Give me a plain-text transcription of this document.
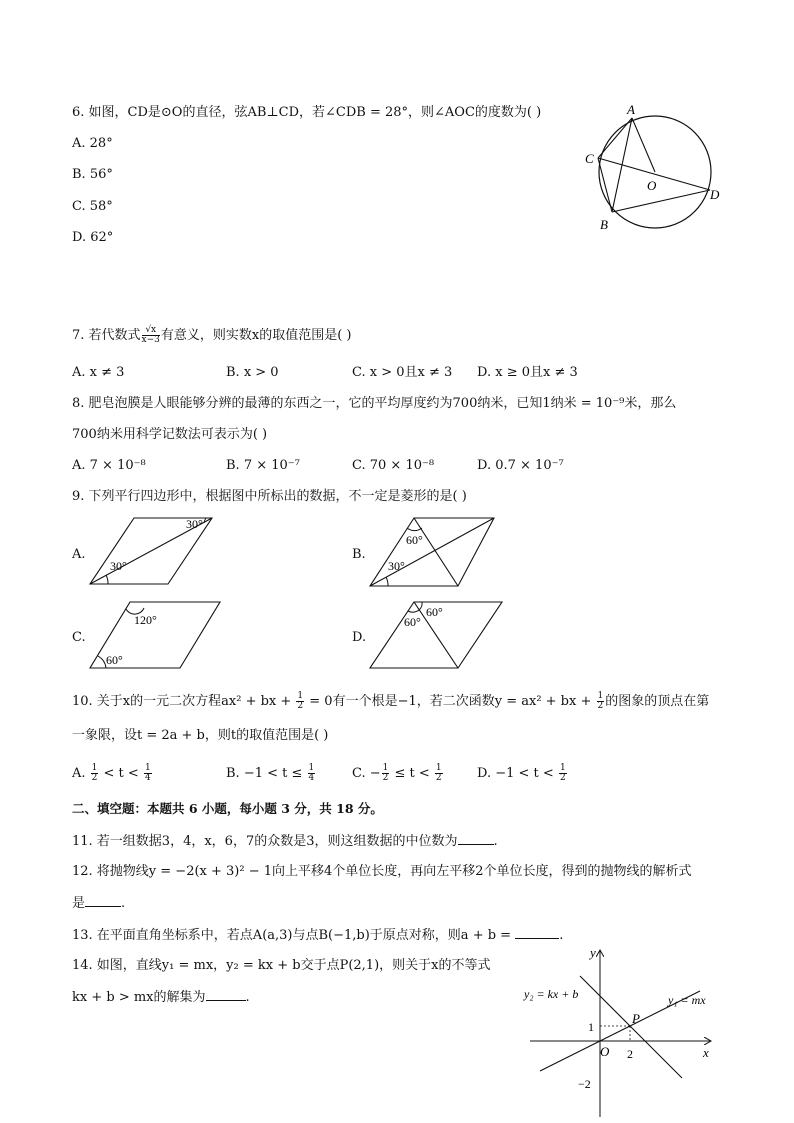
6. 如图，CD是⊙O的直径，弦AB⊥CD，若∠CDB = 28°，则∠AOC的度数为( )
A. 28°
B. 56°
C. 58°
D. 62°
A
C
O
D
B
7. 若代数式 $\frac{√x}{x-3}$ 有意义，则实数x的取值范围是( )
A. x ≠ 3	B. x > 0	C. x > 0且x ≠ 3 D. x ≥ 0且x ≠ 3
8. 肥皂泡膜是人眼能够分辨的最薄的东西之一，它的平均厚度约为700纳米，已知1纳米 = 10⁻⁹米，那么
700纳米用科学记数法可表示为( )
A. 7 × 10⁻⁸	B. 7 × 10⁻⁷	C. 70 × 10⁻⁸	D. 0.7 × 10⁻⁷
9. 下列平行四边形中，根据图中所标出的数据，不一定是菱形的是( )
A.
30°
30°
B.
60°
30°
C.
120°
60°
D.
60°
60°
10. 关于x的一元二次方程ax² + bx + $\frac{1}{2} = 0$有一个根是−1，若二次函数y = ax² + bx + $\frac{1}{2}$ 的图象的顶点在第
一象限，设t = 2a + b，则t的取值范围是( )
A. $\frac{1}{2} < t < \frac{1}{4}$	B. $-1 < t \le \frac{1}{4}$	C. − $\frac{1}{2} \le t < \frac{1}{2}$	D. $-1 < t < \frac{1}{2}$
二、填空题：本题共 6 小题，每小题 3 分，共 18 分。
11. 若一组数据3，4，x，6，7的众数是3，则这组数据的中位数为	.
12. 将抛物线y = −2(x + 3)² − 1向上平移4个单位长度，再向左平移2个单位长度，得到的抛物线的解析式
是	.
13. 在平面直角坐标系中，若点A(a,3)与点B(−1,b)于原点对称，则a + b =	.
14. 如图，直线y₁ = mx，y₂ = kx + b交于点P(2,1)，则关于x的不等式
kx + b > mx的解集为	.
y
x
O
y₂ = kx + b	y₁ = mx
P
2
1
−2
